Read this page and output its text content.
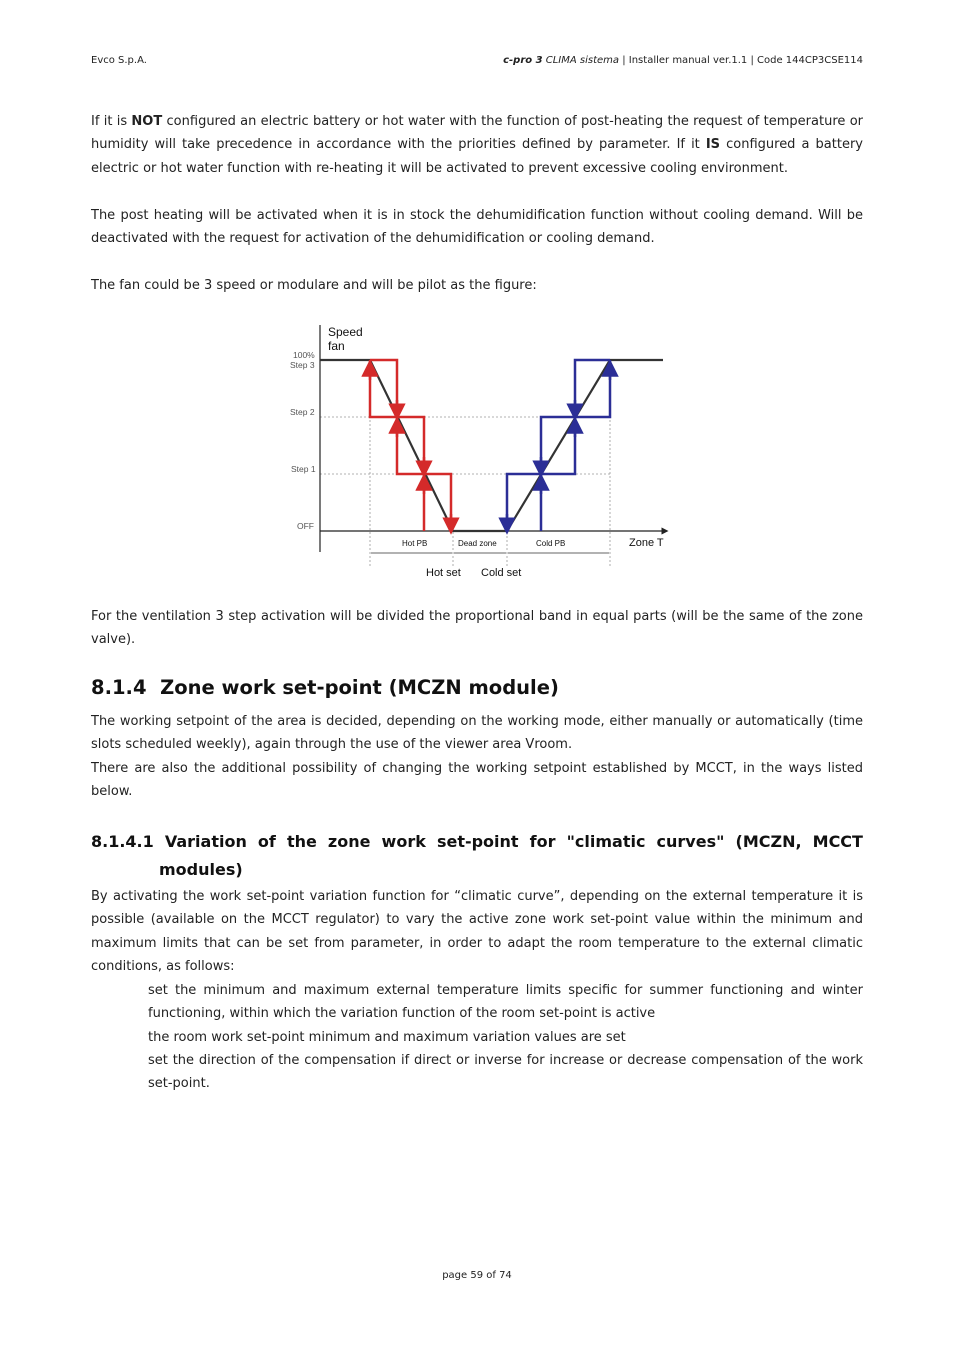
Evco S.p.A.	c-pro 3 CLIMA sistema | Installer manual ver.1.1 | Code 144CP3CSE114
If it is NOT configured an electric battery or hot water with the function of post-heating the request of temperature or humidity will take precedence in accordance with the priorities defined by parameter. If it IS configured a battery electric or hot water function with re-heating it will be activated to prevent excessive cooling environment.
The post heating will be activated when it is in stock the dehumidification function without cooling demand. Will be deactivated with the request for activation of the dehumidification or cooling demand.
The fan could be 3 speed or modulare and will be pilot as the figure:
Speed
fan
100%
Step 3
Step 2
Step 1
OFF
Zone T
Hot PB	Dead zone	Cold PB
Hot set Cold set
For the ventilation 3 step activation will be divided the proportional band in equal parts (will be the same of the zone valve).
8.1.4 Zone work set-point (MCZN module)
The working setpoint of the area is decided, depending on the working mode, either manually or automatically (time slots scheduled weekly), again through the use of the viewer area Vroom.
There are also the additional possibility of changing the working setpoint established by MCCT, in the ways listed below.
8.1.4.1 Variation of the zone work set-point for "climatic curves" (MCZN, MCCT
modules)
By activating the work set-point variation function for “climatic curve”, depending on the external temperature it is possible (available on the MCCT regulator) to vary the active zone work set-point value within the minimum and maximum limits that can be set from parameter, in order to adapt the room temperature to the external climatic conditions, as follows:
set the minimum and maximum external temperature limits specific for summer functioning and winter functioning, within which the variation function of the room set-point is active
the room work set-point minimum and maximum variation values are set
set the direction of the compensation if direct or inverse for increase or decrease compensation of the work set-point.
page 59 of 74
